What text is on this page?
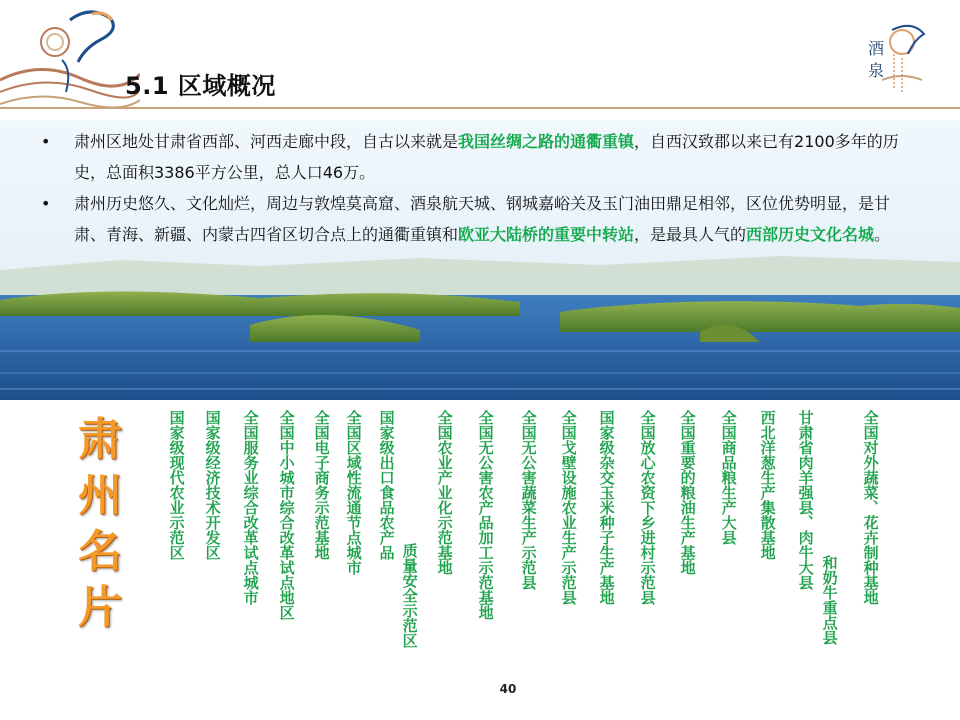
5.1 区域概况
酒
泉

• 肃州区地处甘肃省西部、河西走廊中段，自古以来就是我国丝绸之路的通衢重镇，自西汉致郡以来已有2100多年的历史，总面积3386平方公里，总人口46万。

• 肃州历史悠久、文化灿烂，周边与敦煌莫高窟、酒泉航天城、钢城嘉峪关及玉门油田鼎足相邻，区位优势明显，是甘肃、青海、新疆、内蒙古四省区切合点上的通衢重镇和欧亚大陆桥的重要中转站，是最具人气的西部历史文化名城。

肃
州
名
片
国家级现代农业示范区 国家级经济技术开发区 全国服务业综合改革试点城市 全国中小城市综合改革试点地区 全国电子商务示范基地 全国区域性流通节点城市 国家级出口食品农产品
质量安全示范区
全国农业产业化示范基地 全国无公害农产品加工示范基地 全国无公害蔬菜生产示范县 全国戈壁设施农业生产示范县 国家级杂交玉米种子生产基地 全国放心农资下乡进村示范县 全国重要的粮油生产基地 全国商品粮生产大县 西北洋葱生产集散基地 甘肃省肉羊强县、肉牛大县
和奶牛重点县 全国对外蔬菜、花卉制种基地
40
